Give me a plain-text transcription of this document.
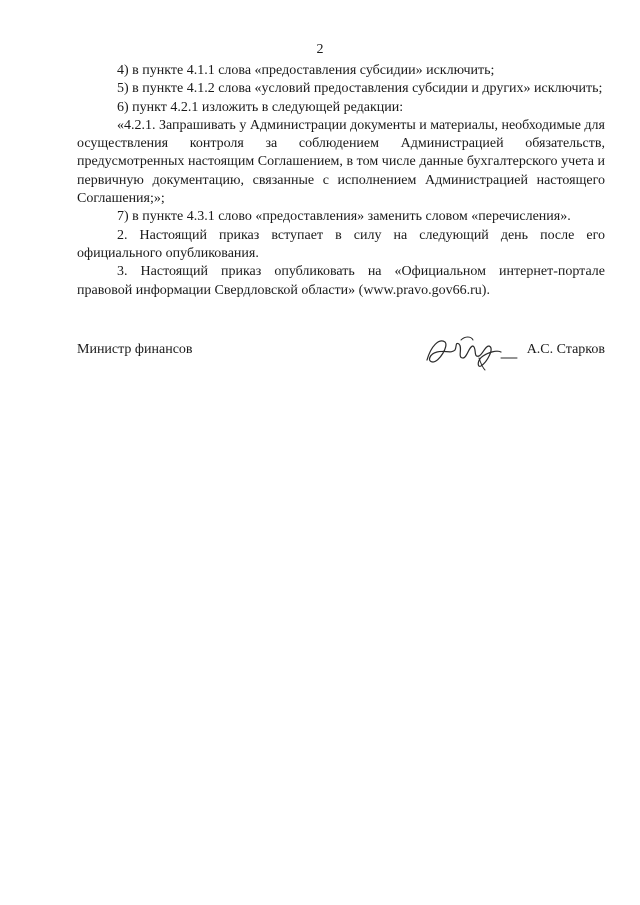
2

4) в пункте 4.1.1 слова «предоставления субсидии» исключить;

5) в пункте 4.1.2 слова «условий предоставления субсидии и других» исключить;

6) пункт 4.2.1 изложить в следующей редакции:

«4.2.1. Запрашивать у Администрации документы и материалы, необходимые для осуществления контроля за соблюдением Администрацией обязательств, предусмотренных настоящим Соглашением, в том числе данные бухгалтерского учета и первичную документацию, связанные с исполнением Администрацией настоящего Соглашения;»;

7) в пункте 4.3.1 слово «предоставления» заменить словом «перечисления».

2. Настоящий приказ вступает в силу на следующий день после его официального опубликования.

3. Настоящий приказ опубликовать на «Официальном интернет-портале правовой информации Свердловской области» (www.pravo.gov66.ru).

Министр финансов	А.С. Старков
